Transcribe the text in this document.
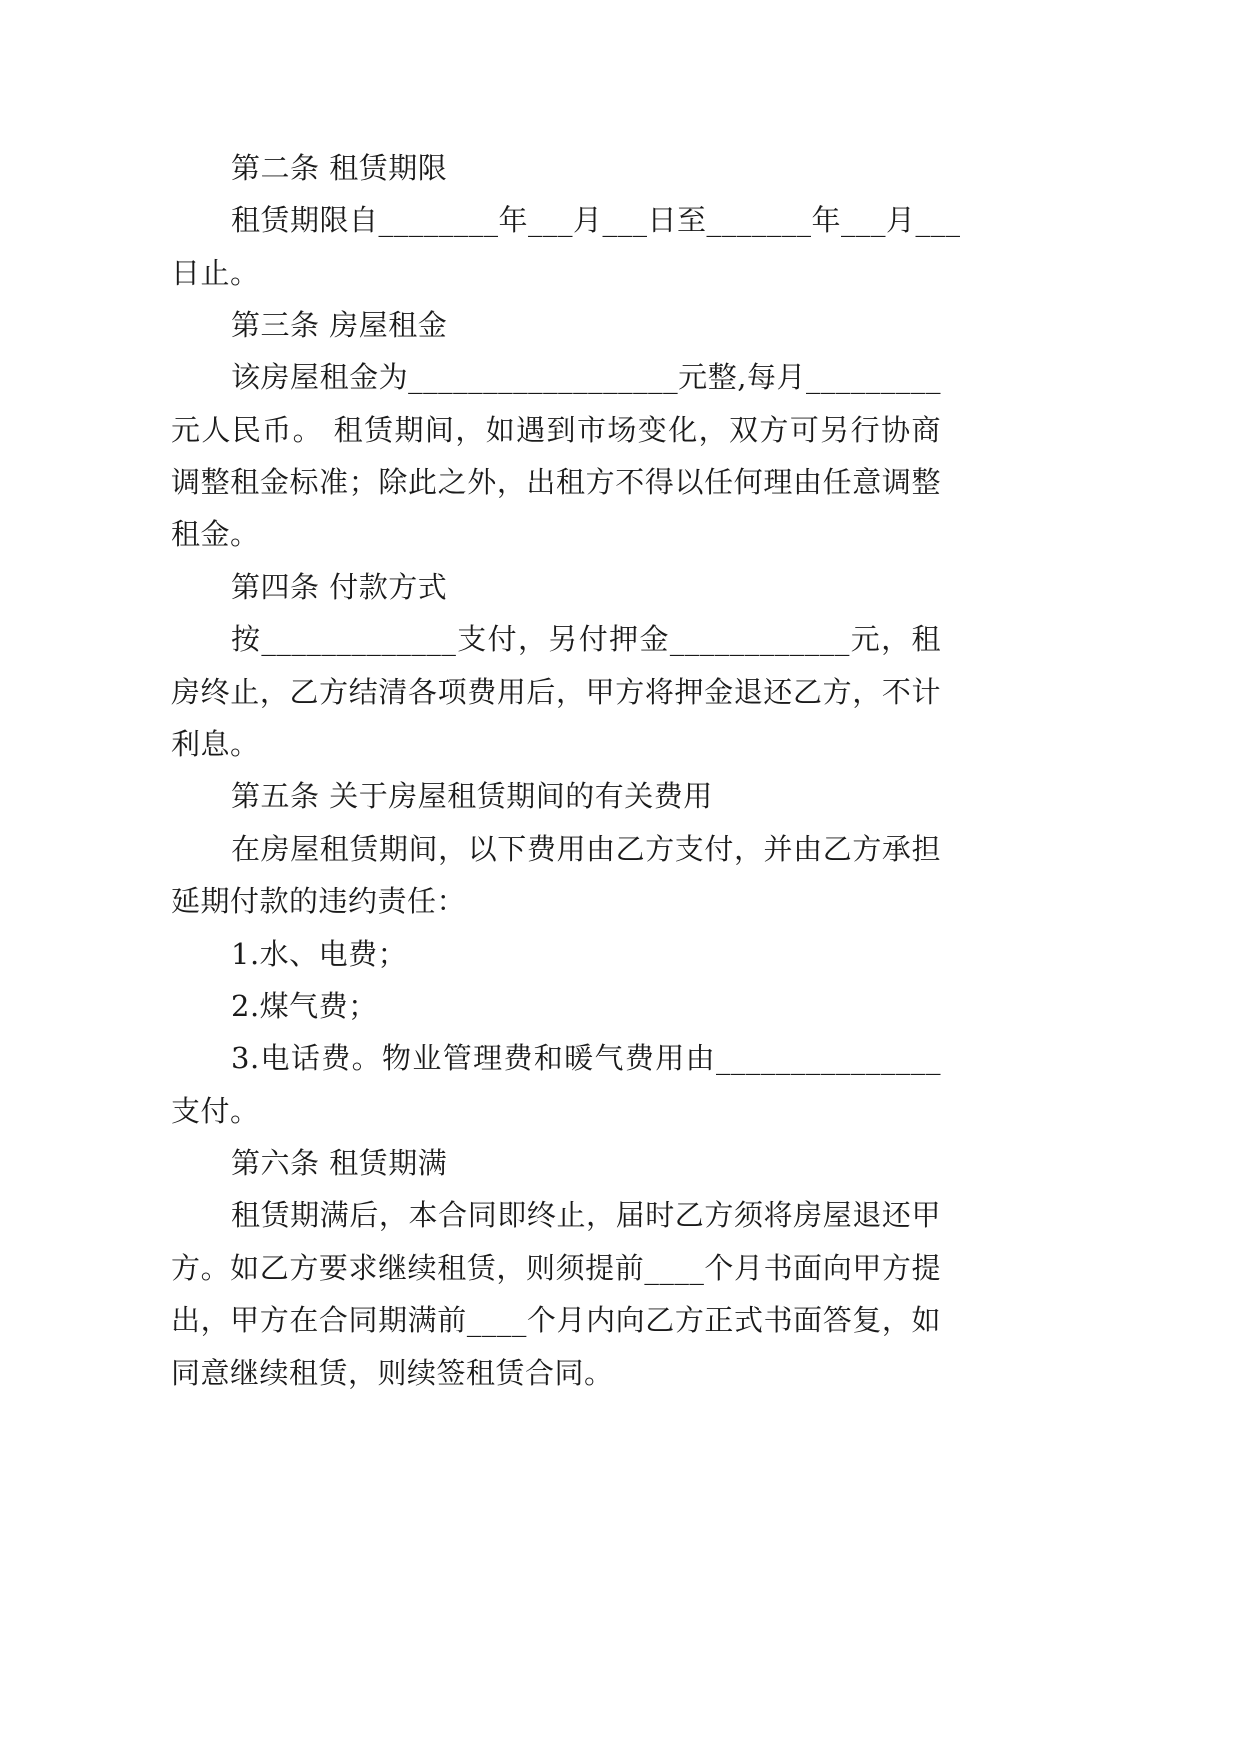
第二条 租赁期限
租赁期限自________年___月___日至_______年___月___
日止。
第三条 房屋租金
该房屋租金为__________________元整,每月_________
元人民币。 租赁期间，如遇到市场变化，双方可另行协商
调整租金标准；除此之外，出租方不得以任何理由任意调整
租金。
第四条 付款方式
按_____________支付，另付押金____________元，租
房终止，乙方结清各项费用后，甲方将押金退还乙方，不计
利息。
第五条 关于房屋租赁期间的有关费用
在房屋租赁期间，以下费用由乙方支付，并由乙方承担
延期付款的违约责任：
1.水、电费；
2.煤气费；
3.电话费。物业管理费和暖气费用由_______________
支付。
第六条 租赁期满
租赁期满后，本合同即终止，届时乙方须将房屋退还甲
方。如乙方要求继续租赁，则须提前____个月书面向甲方提
出，甲方在合同期满前____个月内向乙方正式书面答复，如
同意继续租赁，则续签租赁合同。
